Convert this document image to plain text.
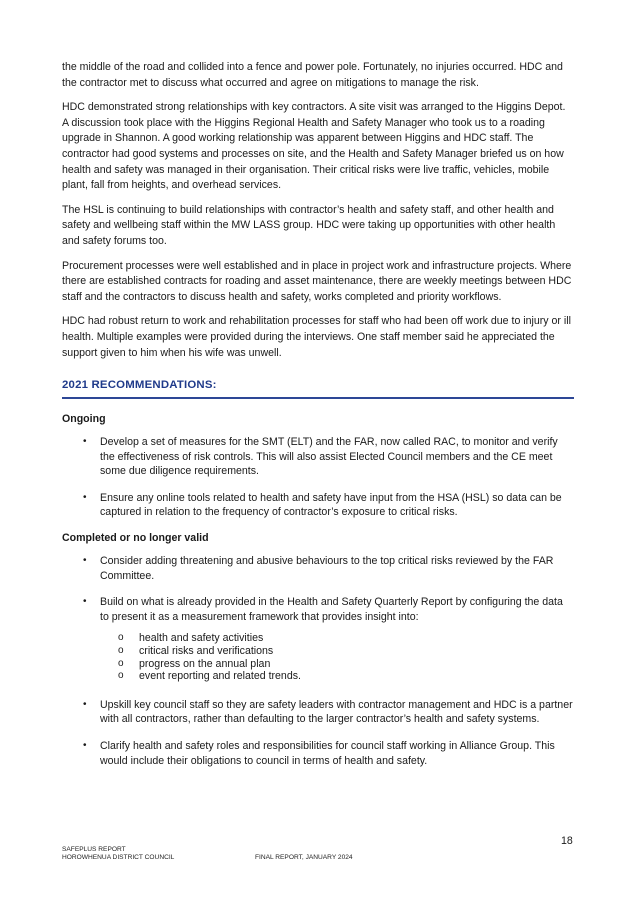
the middle of the road and collided into a fence and power pole. Fortunately, no injuries occurred. HDC and the contractor met to discuss what occurred and agree on mitigations to manage the risk.

HDC demonstrated strong relationships with key contractors. A site visit was arranged to the Higgins Depot. A discussion took place with the Higgins Regional Health and Safety Manager who took us to a roading upgrade in Shannon. A good working relationship was apparent between Higgins and HDC staff. The contractor had good systems and processes on site, and the Health and Safety Manager briefed us on how health and safety was managed in their organisation. Their critical risks were live traffic, vehicles, mobile plant, fall from heights, and overhead services.

The HSL is continuing to build relationships with contractor’s health and safety staff, and other health and safety and wellbeing staff within the MW LASS group. HDC were taking up opportunities with other health and safety forums too.

Procurement processes were well established and in place in project work and infrastructure projects. Where there are established contracts for roading and asset maintenance, there are weekly meetings between HDC staff and the contractors to discuss health and safety, works completed and priority workflows.

HDC had robust return to work and rehabilitation processes for staff who had been off work due to injury or ill health. Multiple examples were provided during the interviews. One staff member said he appreciated the support given to him when his wife was unwell.

2021 RECOMMENDATIONS:
Ongoing
• Develop a set of measures for the SMT (ELT) and the FAR, now called RAC, to monitor and verify the effectiveness of risk controls. This will also assist Elected Council members and the CE meet some due diligence requirements.
• Ensure any online tools related to health and safety have input from the HSA (HSL) so data can be captured in relation to the frequency of contractor’s exposure to critical risks.
Completed or no longer valid
• Consider adding threatening and abusive behaviours to the top critical risks reviewed by the FAR Committee.
• Build on what is already provided in the Health and Safety Quarterly Report by configuring the data to present it as a measurement framework that provides insight into:
o health and safety activities
o critical risks and verifications
o progress on the annual plan
o event reporting and related trends.
• Upskill key council staff so they are safety leaders with contractor management and HDC is a partner with all contractors, rather than defaulting to the larger contractor’s health and safety systems.
• Clarify health and safety roles and responsibilities for council staff working in Alliance Group. This would include their obligations to council in terms of health and safety.
18
SAFEPLUS REPORT
HOROWHENUA DISTRICT COUNCIL	FINAL REPORT, JANUARY 2024
